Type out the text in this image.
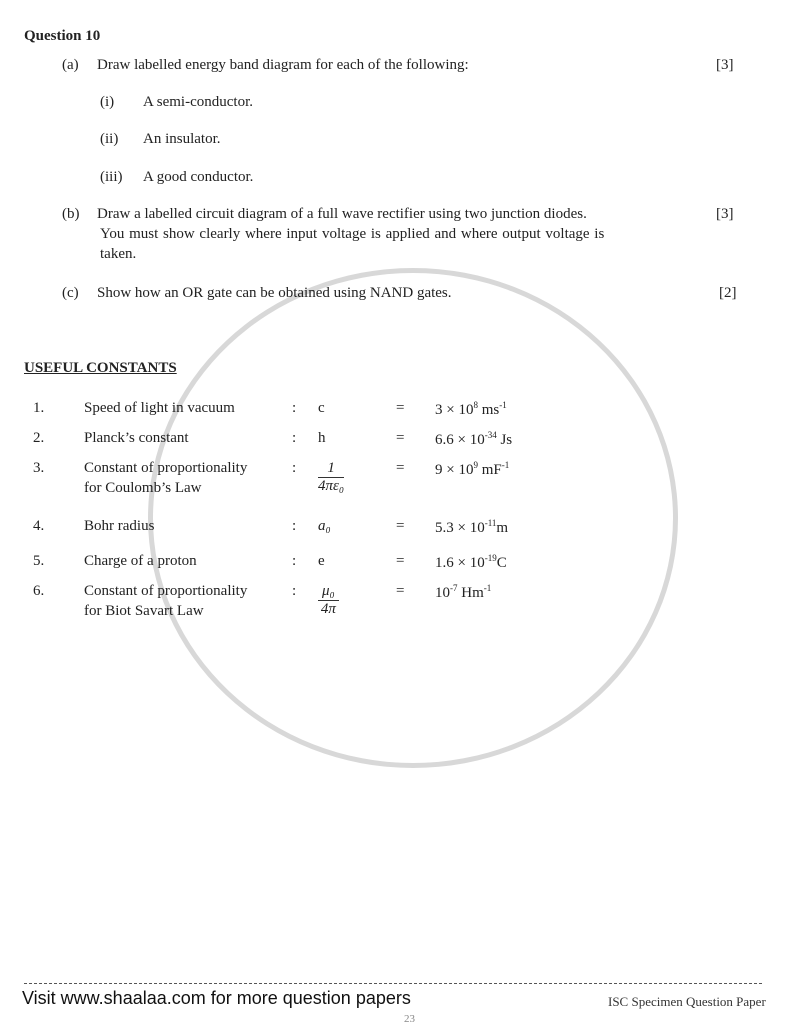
Question 10
(a) Draw labelled energy band diagram for each of the following:	[3]
(i) A semi-conductor.
(ii) An insulator.
(iii) A good conductor.
(b) Draw a labelled circuit diagram of a full wave rectifier using two junction diodes.
You must show clearly where input voltage is applied and where output voltage is
taken.
[3]
(c) Show how an OR gate can be obtained using NAND gates.	[2]
USEFUL CONSTANTS
1.	Speed of light in vacuum	: c	= $3 \times 10^8$ $ms^{-1}$
2.	Planck’s constant	: h	= $6.6 \times 10^{-34}$ Js
3.	Constant of proportionality
for Coulomb’s Law
: $\frac{1}{\text{4πε₀}}$	= $9 \times 10^9$ $mF^{-1}$
4.	Bohr radius	: a₀	= $5.3 \times 10^{-11}m$
5.	Charge of a proton	: e	= $1.6 \times 10^{-19}C$
6.	Constant of proportionality
for Biot Savart Law
: $\frac{\text{μ₀}}{4\pi}$	= $10^{-7}$ $Hm^{-1}$
Visit www.shaalaa.com for more question papers
23
ISC Specimen Question Paper
